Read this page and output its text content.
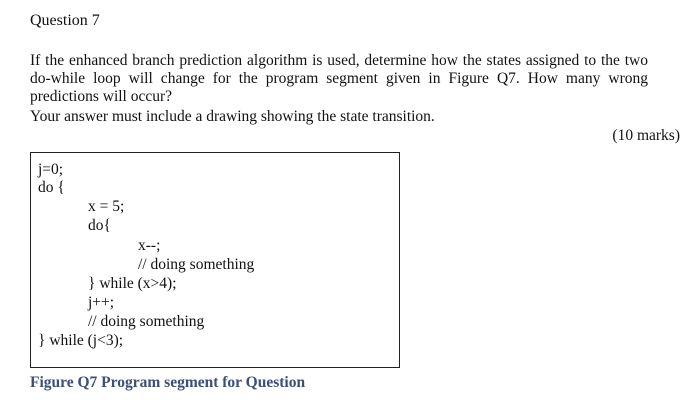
Question 7
If the enhanced branch prediction algorithm is used, determine how the states assigned to the two
do-while loop will change for the program segment given in Figure Q7. How many wrong
predictions will occur?
Your answer must include a drawing showing the state transition.
(10 marks)
j=0;
do {
x = 5;
do{
x--;
// doing something
} while (x>4);
j++;
// doing something
} while (j<3);
Figure Q7 Program segment for Question
